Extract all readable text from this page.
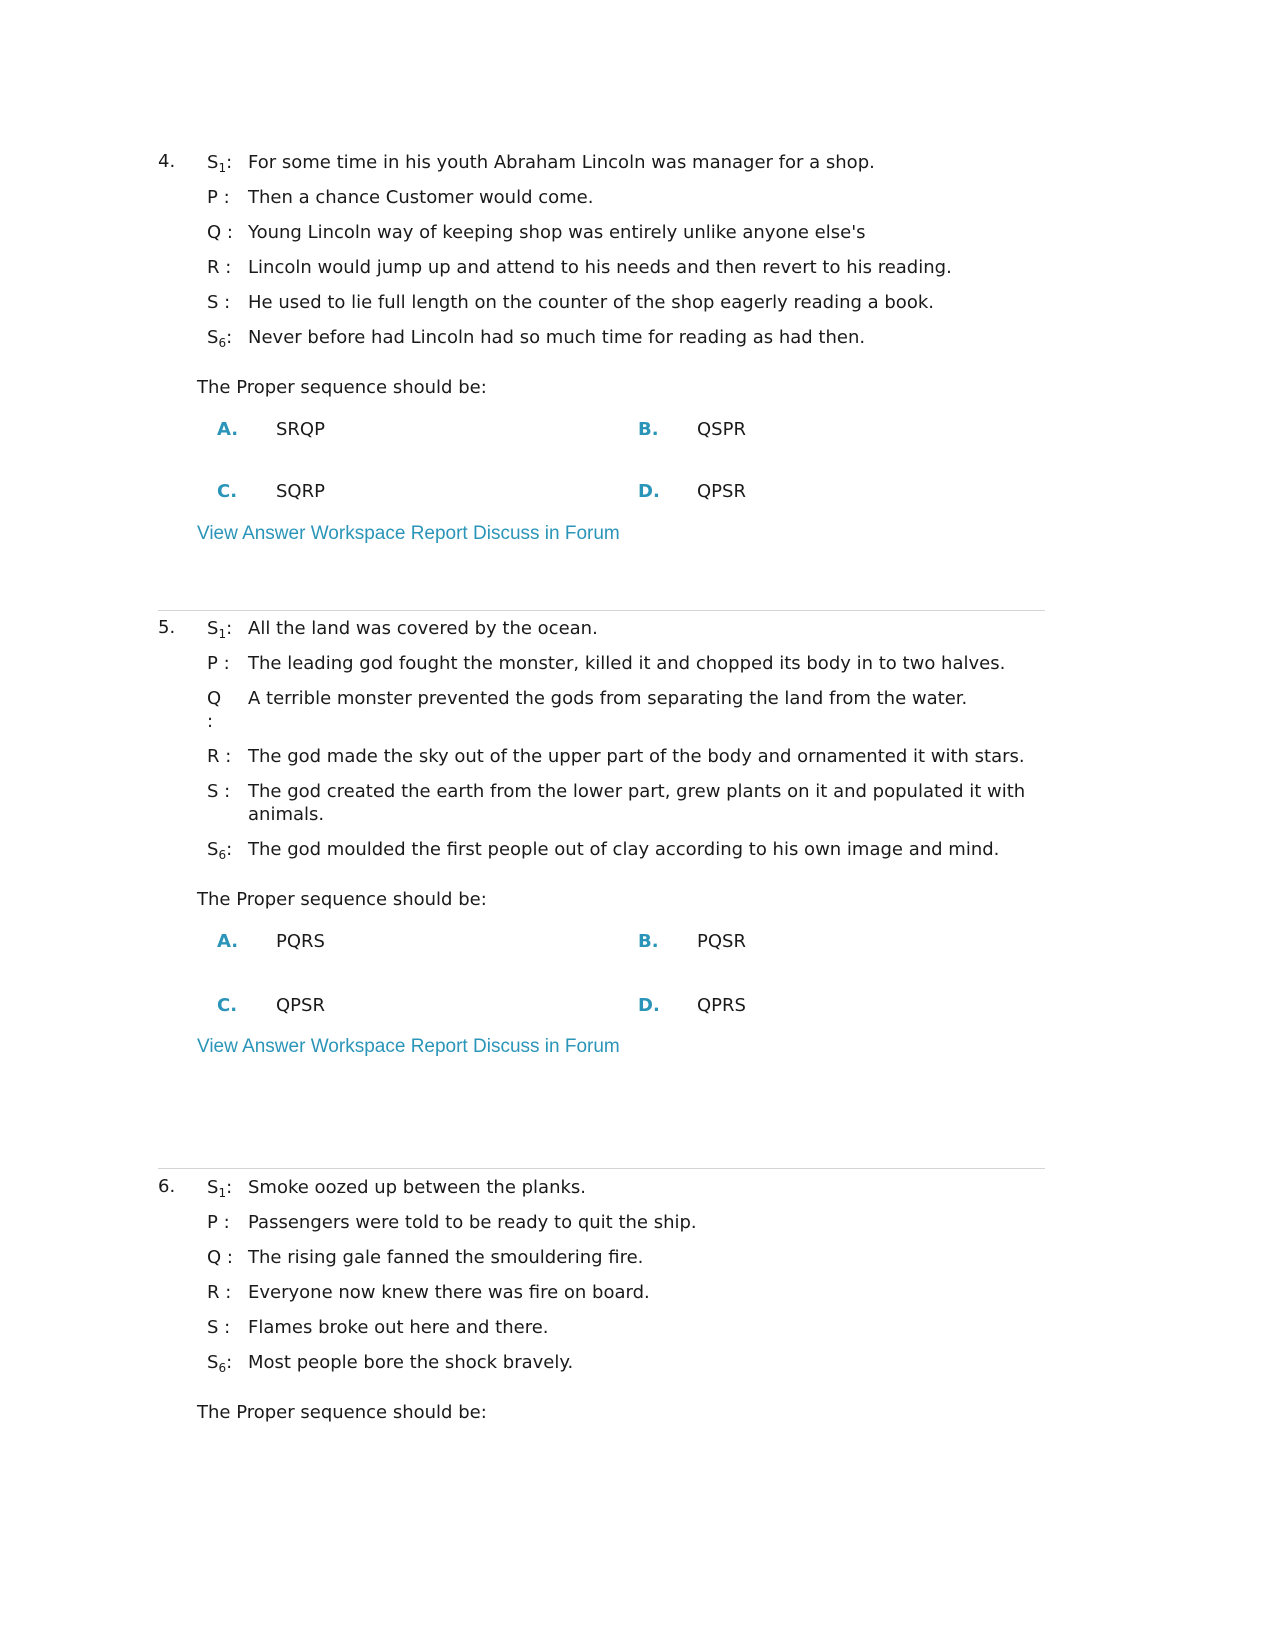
4. $S_1$:	For some time in his youth Abraham Lincoln was manager for a shop.
P :	Then a chance Customer would come.
Q :	Young Lincoln way of keeping shop was entirely unlike anyone else's
R :	Lincoln would jump up and attend to his needs and then revert to his reading.
S :	He used to lie full length on the counter of the shop eagerly reading a book.
$S_6$:	Never before had Lincoln had so much time for reading as had then.
The Proper sequence should be:
A. SRQP	B. QSPR
C. SQRP	D. QPSR
View Answer Workspace Report Discuss in Forum
5. $S_1$:	All the land was covered by the ocean.
P :	The leading god fought the monster, killed it and chopped its body in to two halves.
Q
:	A terrible monster prevented the gods from separating the land from the water.
R :	The god made the sky out of the upper part of the body and ornamented it with stars.
S :	The god created the earth from the lower part, grew plants on it and populated it with animals.
$S_6$:	The god moulded the first people out of clay according to his own image and mind.
The Proper sequence should be:
A. PQRS	B. PQSR
C. QPSR	D. QPRS
View Answer Workspace Report Discuss in Forum
6. $S_1$:	Smoke oozed up between the planks.
P :	Passengers were told to be ready to quit the ship.
Q :	The rising gale fanned the smouldering fire.
R :	Everyone now knew there was fire on board.
S :	Flames broke out here and there.
$S_6$:	Most people bore the shock bravely.
The Proper sequence should be:
